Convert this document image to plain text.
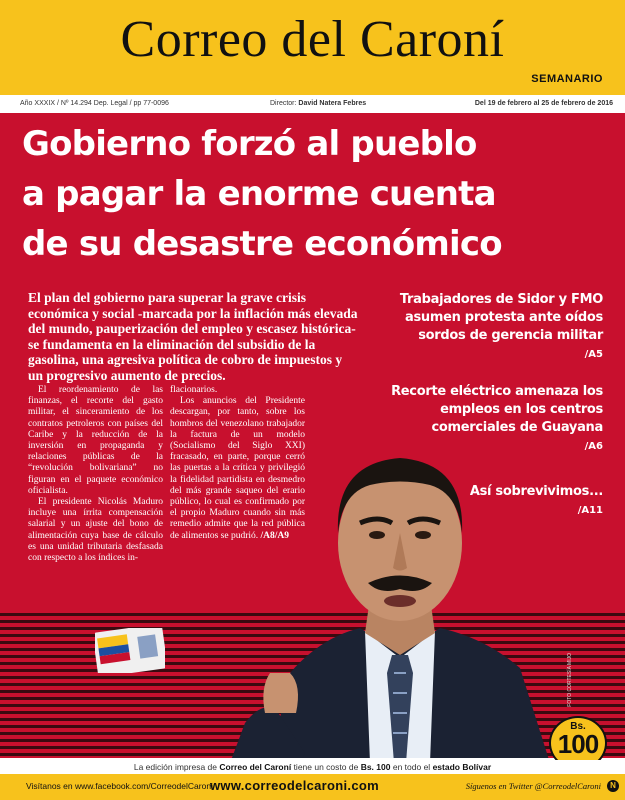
Correo del Caroní
SEMANARIO
Año XXXIX / Nº 14.294 Dep. Legal / pp 77-0096	Director: David Natera Febres	Del 19 de febrero al 25 de febrero de 2016
Gobierno forzó al pueblo
a pagar la enorme cuenta
de su desastre económico
El plan del gobierno para superar la grave crisis económica y social -marcada por la inflación más elevada del mundo, pauperización del empleo y escasez histórica- se fundamenta en la eliminación del subsidio de la gasolina, una agresiva política de cobro de impuestos y un progresivo aumento de precios.

El reordenamiento de las finanzas, el recorte del gasto militar, el sinceramiento de los contratos petroleros con países del Caribe y la reducción de la inversión en propaganda y relaciones públicas de la “revolución bolivariana” no figuran en el paquete económico oficialista.

El presidente Nicolás Maduro incluye una írrita compensación salarial y un ajuste del bono de alimentación cuya base de cálculo es una unidad tributaria desfasada con respecto a los índices in-

flacionarios.

Los anuncios del Presidente descargan, por tanto, sobre los hombros del venezolano trabajador la factura de un modelo (Socialismo del Siglo XXI) fracasado, en parte, porque cerró las puertas a la crítica y privilegió la fidelidad partidista en desmedro del más grande saqueo del erario público, lo cual es confirmado por el propio Maduro cuando sin más remedio admite que la red pública de alimentos se pudrió. /A8/A9

Trabajadores de Sidor y FMO asumen protesta ante oídos sordos de gerencia militar
/A5
Recorte eléctrico amenaza los empleos en los centros comerciales de Guayana
/A6
Así sobrevivimos...
/A11
FOTO CORTESÍA MIJO
Bs.
100
La edición impresa de Correo del Caroní tiene un costo de Bs. 100 en todo el estado Bolívar
Visítanos en www.facebook.com/CorreodelCaroni
www.correodelcaroni.com	Síguenos en Twitter @CorreodelCaroni	N
